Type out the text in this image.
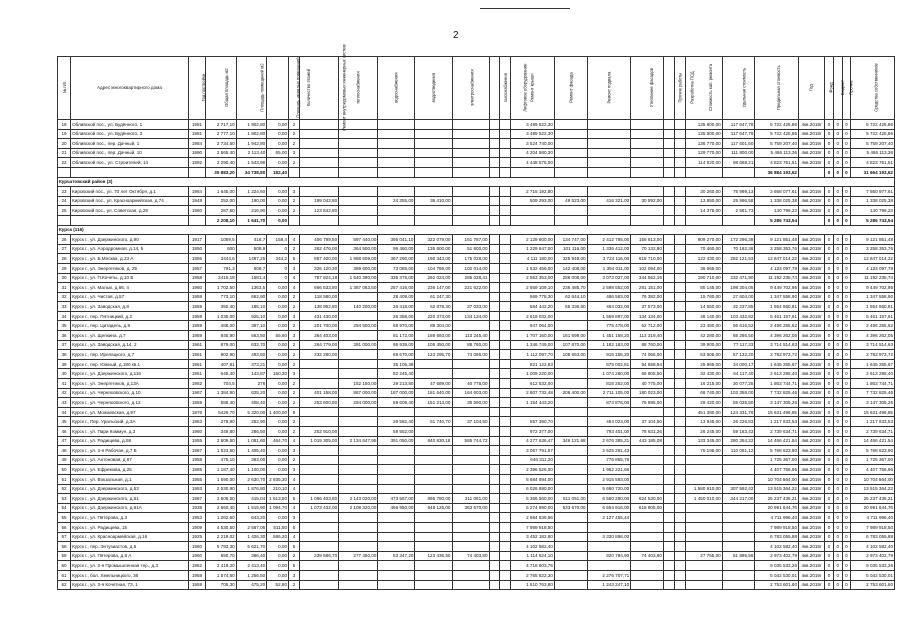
2
№ п/п	Адрес многоквартирного дома	Год постройки	Общая площадь м2	Площадь помещений м2	Площадь нежилых помещений	Количество этажей	Ремонт внутридомовых инженерных систем	теплоснабжения	водоснабжения	водоотведения	электроснабжения	газоснабжения	Лифтовое оборудование	Ремонт крыши	Ремонт фасада	Ремонт подвала	Утепление фасадов	Прочие работы	Разработка ПСД	Стоимость кап. ремонта	Удельная стоимость	Предельная стоимость	Год	Фонд	Бюджет	Прочие	Средства собственников
18	Обливской пос., ул. Будённого, 1	1981	2 717,10	1 902,80	0,00	2								3 489 522,30						135 800,00	117 647,78	5 722 425,86	4кв.2019г	0	0	0	5 722 425,86
19	Обливской пос., ул. Будённого, 3	1981	2 777,10	1 902,80	0,00	2								3 489 522,30						135 800,00	117 647,78	5 722 425,86	4кв.2019г	0	0	0	5 722 425,86
20	Обливской пос., пер. Дачный, 1	1984	2 734,60	1 942,80	0,00	2								3 524 740,00						136 770,00	117 601,60	5 759 207,40	4кв.2019г	0	0	0	5 759 207,40
21	Обливской пос., пер. Дачный, 10	1990	2 565,40	2 113,40	65,00	3								4 204 580,30						129 770,00	111 800,00	5 466 113,36	4кв.2019г	0	0	0	5 466 113,36
22	Обливской пос., ул. Строителей, 14	1992	2 290,40	1 543,98	0,00	2								4 448 575,00						114 520,00	98 668,21	4 823 761,51	4кв.2019г	0	0	0	4 823 761,51
			35 883,20	34 738,80	182,40																	36 884 193,62		0	0	0	31 664 193,62
Курчатовский район (3)																											
23	Кировский пос., ул. 70 лет Октября, д.1	1964	1 645,00	1 224,60	0,00	3								2 715 192,80						30 260,00	75 999,13	3 668 077,61	4кв.2019г	0	0	0	7 860 977,61
24	Кировский пос., ул. Красноармейская, д.74	1948	252,00	190,00	0,00	2	199 042,80		24 255,00	36 410,00				509 293,00	49 523,00	416 321,00	30 592,00			13 850,00	25 996,58	1 338 025,38	4кв.2019г	0	0	0	1 338 025,38
25	Кировский пос., ул. Советская, д.28	1960	287,50	216,90	0,00	2	123 842,80													14 375,00	2 581,73	140 799,23	4кв.2019г	0	0	0	140 799,23
			2 208,10	1 641,70	0,00																	5 286 743,54		0	0	0	5 286 743,54
Курск (116)																											
26	Курск г., ул. Дзержинского, д.90	1917	1059,5	416,7	158,4	4	406 799,50	897 440,00	395 041,10	322 079,00	161 787,00			2 129 600,00	134 747,00	2 412 785,00	156 613,00			909 270,00	172 296,38	9 121 851,48	4кв.2019г	0	0	0	9 121 851,48
27	Курск г., ул. Аэродромная, д.14, 5	1950	600	508,9	0	2	262 476,00	364 500,00	96 460,00	135 600,00	51 800,00			1 229 647,00	101 116,00	1 336 412,00	70 132,80			70 460,00	70 162,36	3 258 353,76	4кв.2019г	0	0	0	3 258 353,76
28	Курск г., ул. Б.Москва, д.23 А	1956	3444,6	1487,25	344,2	5	867 400,00	1 988 609,00	367 290,00	190 343,00	175 028,00			4 111 190,00	325 949,00	3 724 116,00	618 710,00			122 430,00	282 121,53	12 847 014,22	4кв.2019г	0	0	0	12 847 014,22
29	Курск г., ул. Энергетиков, д. 25	1957	791,3	608,7	0	3	326 120,30	389 600,00	73 085,00	104 769,00	102 014,00			1 532 456,00	142 408,00	1 354 011,00	102 094,00			36 665,00		4 133 097,79	4кв.2019г	0	0	0	4 133 097,79
30	Курск г., ул. П.Кочеты, д.10 Б	1958	2415,18	1581,4	0	4	787 824,18	1 540 390,00	335 375,00	292 024,00	285 028,41			2 563 353,00	286 008,00	3 073 027,00	344 552,16			190 710,00	232 471,90	11 192 235,74	4кв.2019г	0	0	0	11 192 235,74
31	Курск г., ул. Малых, д.66, 4	1960	1 702,50	1363,5	0,00	4	666 533,80	1 367 063,50	257 416,00	236 147,00	221 622,00			2 659 109,10	236 485,70	2 598 552,00	281 151,00			85 145,00	198 304,05	9 449 702,95	4кв.2019г	0	0	0	9 449 702,95
32	Курск г., ул. Чистая, д.57	1958	773,10	662,90	0,00	2	118 580,00		28 409,00	61 247,30				569 778,30	62 644,10	486 563,00	76 382,00			15 760,00	27 604,00	1 347 558,90	4кв.2019г	0	0	0	1 347 558,90
33	Курск г., ул. Заводская, д.8	1959	350,40	185,10	0,00	2	138 952,80	140 200,00	26 418,00	62 878,30	37 033,00			584 442,20	55 336,60	464 032,00	37 573,00			14 550,00	32 237,85	1 554 660,81	4кв.2019г	0	0	0	1 554 660,81
34	Курск г., пер. Пятницкий, д.2	1959	1 035,00	925,10	0,00	3	431 430,00		26 358,00	220 373,00	134 134,00			2 619 032,00		1 559 897,00	134 134,00			48 140,00	103 432,82	5 461 197,61	4кв.2019г	0	0	0	5 461 197,61
35	Курск г., пер. Цитадель, д.9	1959	486,00	397,10	0,00	2	201 700,00	294 500,00	68 970,00	89 304,00				947 064,00		775 478,00	62 712,00			23 480,00	56 616,52	2 496 255,62	4кв.2019г	0	0	0	2 496 255,62
36	Курск г., ул. Щепкина, д.7	1959	845,90	563,50	55,60	3	364 403,00		81 172,00	188 693,00	113 245,40			1 707 160,00	161 699,00	1 451 158,20	113 319,40			42 280,00	85 286,50	4 396 262,05	4кв.2019г	0	0	0	4 396 262,05
37	Курск г., ул. Заводская, д.14, 2	1961	879,00	632,70	0,00	2	264 779,00	391 000,00	95 939,00	105 450,00	88 760,00			1 346 749,00	107 870,00	1 182 183,00	88 760,00			39 900,00	77 117,33	3 714 514,63	4кв.2019г	0	0	0	3 714 514,63
38	Курск г., пер. Ирелацкого, д.7	1961	902,90	493,50	0,00	2	232 280,00		69 670,00	123 295,70	74 066,00			1 112 097,70	108 653,00	915 155,20	74 066,00			53 605,00	57 132,20	2 782 973,72	4кв.2019г	0	0	0	2 782 973,72
39	Курск г., пер. Южный, д.180 кв.1	1961	407,81	373,21	0,00	2			35 105,38					821 122,83		675 002,81	94 658,94			25 965,00	34 000,17	1 645 255,67	4кв.2019г	0	0	0	1 645 255,67
40	Курск г., ул. Дзержинского, д.116	1961	645,40	143,87	150,30	3			82 245,40					1 009 220,00		1 074 280,00	66 805,50			32 430,00	54 117,40	2 613 295,40	4кв.2019г	0	0	0	2 613 295,40
41	Курск г., ул. Энергетиков, д.13А	1962	704,5	276	0,00	2		152 150,00	29 213,80	47 689,00	40 776,00			612 532,00		815 252,00	40 775,00			16 215,00	30 077,25	1 863 744,71	4кв.2019г	0	0	0	1 863 744,71
42	Курск г., ул. Черняховского, д.10	1967	1 384,80	625,20	0,00	2	401 158,00	887 000,00	187 000,00	181 640,00	164 603,00			2 807 732,48	206 400,00	2 711 105,00	180 023,00			68 740,00	103 358,00	7 732 825,46	4кв.2019г	0	0	0	7 732 825,46
43	Курск г., ул. Черняховского, д.12	1959	586,40	408,40	0,00	2	253 600,80	294 000,00	59 609,40	151 213,00	36 590,00			1 154 443,20		874 876,00	76 895,00			29 420,00	55 035,50	3 147 305,26	4кв.2019г	0	0	0	3 147 305,26
44	Курск г., ул. Можаевская, д.97	1976	5426,70	5 320,00	1 400,00	9														451 380,00	124 331,76	15 631 496,85	4кв.2019г	0	0	0	15 631 496,85
45	Курск г., Пер. Уральский, д.3А	1963	278,90	252,90	0,00	2			29 582,40	51 740,70	37 104,50			557 390,70		464 023,00	37 104,50			13 945,00	26 226,83	1 217 633,53	4кв.2019г	0	0	0	1 217 633,53
46	Курск г., ул. Пари Коммун, д.3	1960	349,80	286,50	0,00	2	252 910,00		59 552,00					972 377,00		793 401,00	78 631,26			26 245,00	59 183,43	2 739 634,71	4кв.2019г	0	0	0	2 739 634,71
47	Курск г., ул. Радищева, д.58	1955	2 609,50	1 081,60	464,70	4	1 019 305,00	2 134 647,95	391 050,00	840 830,18	585 744,72			4 277 636,47	346 121,68	2 676 385,21	443 185,08			133 345,00	280 354,22	14 466 421,54	4кв.2019г	0	0	0	14 466 421,54
48	Курск г., ул. 3-я Рабочая, д.7 Б	1967	1 523,50	1 405,40	0,00	3								3 067 791,57		2 525 291,43				76 195,00	110 061,12	5 768 623,80	4кв.2019г	0	0	0	5 768 623,80
49	Курск г., ул. Антоновая, д.67	1958	475,10	363,00	0,00	2								646 311,20		776 855,76						1 725 367,00	4кв.2019г	0	0	0	1 725 367,00
50	Курск г., ул. Ефремова, д.25	1965	1 187,40	1 100,00	0,00	3								2 396 526,00		1 962 221,66						4 407 756,96	4кв.2019г	0	0	0	4 407 756,96
51	Курск г., ул. Вокзальная, д.1	1955	1 590,00	2 630,70	2 935,30	4								8 684 694,00		2 915 593,00						10 704 864,00	4кв.2019г	0	0	0	10 704 864,00
52	Курск г., ул. Дзержинского, д.53	1953	2 530,90	1 876,80	210,10	4								6 026 690,00		5 660 720,00				1 580 910,00	307 592,42	13 515 364,22	4кв.2019г	0	0	0	13 515 364,22
53	Курск г., ул. Дзержинского, д.61	1967	2 608,50	415,04	1 513,50	5	1 066 403,80	2 143 020,00	473 567,00	895 780,00	311 061,00			5 366 560,00	511 051,00	6 560 290,00	624 530,00			1 450 010,00	344 217,00	25 237 435,21	4кв.2019г	0	0	0	25 237 435,21
54	Курск г., ул. Дзержинского, д.61А	1938	2 660,40	1 515,90	1 094,70	4	1 073 432,00	2 108 320,00	466 950,00	848 125,00	363 570,00			5 274 990,00	533 670,00	6 554 916,00	618 805,00					20 991 844,76	4кв.2019г	0	0	0	20 991 844,76
55	Курск г., ул. Пятерова, д.3	1953	1 262,60	643,20	0,00	3								2 584 539,96		2 127 455,44						4 711 996,40	4кв.2019г	0	0	0	4 711 996,40
56	Курск г., ул. Радищева, 15	1909	4 530,50	2 667,06	511,50	5								7 989 918,50								7 989 918,50	4кв.2019г	0	0	0	7 989 918,50
57	Курск г., ул. Красноармейская, д.16	1925	2 219,02	1 426,30	586,20	4								3 452 182,80		3 330 896,00						6 783 055,88	4кв.2019г	0	0	0	6 783 055,88
58	Курск г., пер. Энтузиастов, д.6	1960	5 793,30	5 621,70	0,00	5								4 102 582,40								4 102 582,40	4кв.2019г	0	0	0	4 102 582,40
59	Курск г., ул. Пятерова, д.8 А	1960	550,70	366,40	0,00	2	239 586,70	277 450,00	53 347,20	123 435,50	74 403,80			1 114 624,10		920 794,90	74 403,80			27 755,00	61 895,58	2 973 402,79	4кв.2019г	0	0	0	2 973 402,79
60	Курск г., ул. 2-я Промышленная тер., д.3	1962	2 418,20	2 413,40	0,00	5								4 716 603,76								9 035 533,26	4кв.2019г	0	0	0	9 035 533,26
61	Курск г., бол. Хмельницкого, 36	1958	1 574,60	1 256,50	0,00	3								2 765 822,30		2 276 707,71						5 042 530,01	4кв.2019г	0	0	0	5 042 530,01
62	Курск г., ул. 3-я Кочетная, 73, 1	1959	705,30	475,20	52,80	2								1 510 763,80		1 243 247,10						2 753 601,60	4кв.2019г	0	0	0	2 753 601,60
